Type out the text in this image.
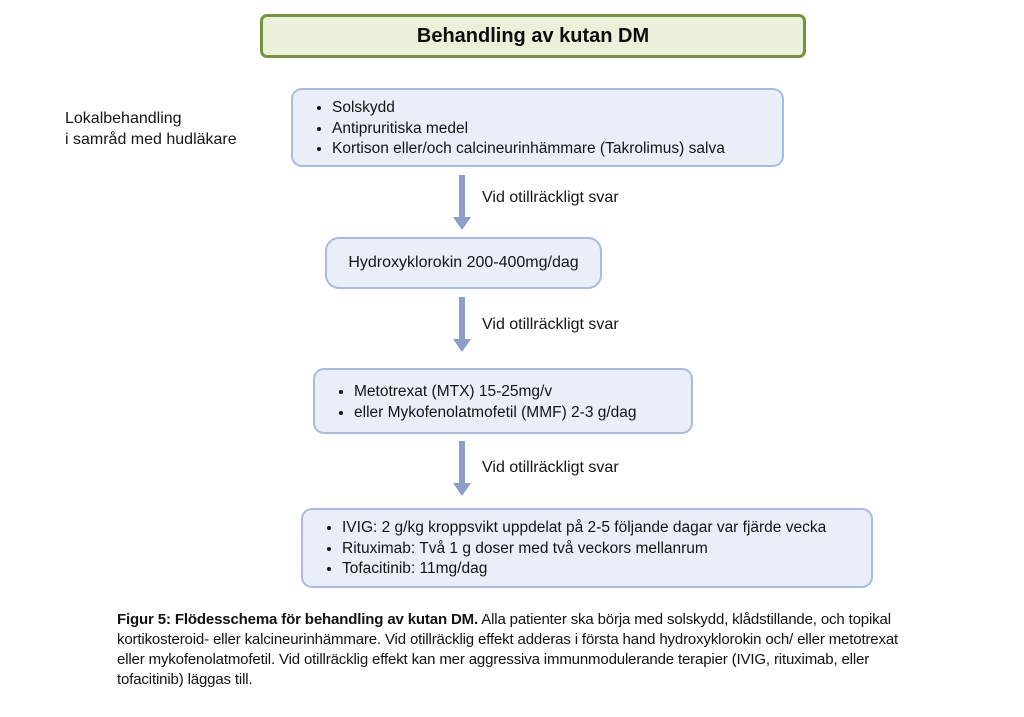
Behandling av kutan DM
Lokalbehandling
i samråd med hudläkare
• Solskydd
• Antipruritiska medel
• Kortison eller/och calcineurinhämmare (Takrolimus) salva
Vid otillräckligt svar
Hydroxyklorokin 200-400mg/dag
Vid otillräckligt svar
• Metotrexat (MTX) 15-25mg/v
• eller Mykofenolatmofetil (MMF) 2-3 g/dag
Vid otillräckligt svar
• IVIG: 2 g/kg kroppsvikt uppdelat på 2-5 följande dagar var fjärde vecka
• Rituximab: Två 1 g doser med två veckors mellanrum
• Tofacitinib: 11mg/dag
Figur 5: Flödesschema för behandling av kutan DM. Alla patienter ska börja med solskydd, klådstillande, och topikal kortikosteroid- eller kalcineurinhämmare. Vid otillräcklig effekt adderas i första hand hydroxyklorokin och/ eller metotrexat eller mykofenolatmofetil. Vid otillräcklig effekt kan mer aggressiva immunmodulerande terapier (IVIG, rituximab, eller tofacitinib) läggas till.
